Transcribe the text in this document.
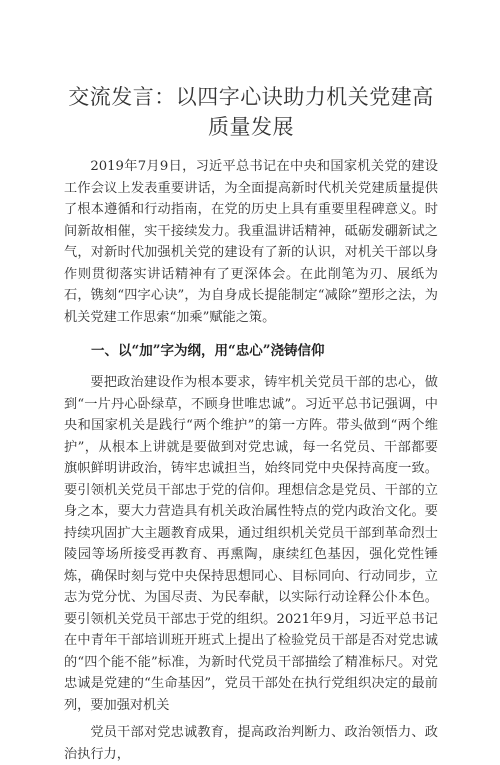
交流发言：以四字心诀助力机关党建高质量发展

2019年7月9日，习近平总书记在中央和国家机关党的建设工作会议上发表重要讲话，为全面提高新时代机关党建质量提供了根本遵循和行动指南，在党的历史上具有重要里程碑意义。时间新故相催，实干接续发力。我重温讲话精神，砥砺发硼新试之气，对新时代加强机关党的建设有了新的认识，对机关干部以身作则贯彻落实讲话精神有了更深体会。在此削笔为刃、展纸为石，镌刻“四字心诀”，为自身成长提能制定“减除”塑形之法，为机关党建工作思索“加乘”赋能之策。

一、以“加”字为纲，用“忠心”浇铸信仰

要把政治建设作为根本要求，铸牢机关党员干部的忠心，做到“一片丹心卧绿草，不顾身世唯忠诚”。习近平总书记强调，中央和国家机关是践行“两个维护”的第一方阵。带头做到“两个维护”，从根本上讲就是要做到对党忠诚，每一名党员、干部都要旗帜鲜明讲政治，铸牢忠诚担当，始终同党中央保持高度一致。要引领机关党员干部忠于党的信仰。理想信念是党员、干部的立身之本，要大力营造具有机关政治属性特点的党内政治文化。要持续巩固扩大主题教育成果，通过组织机关党员干部到革命烈士陵园等场所接受再教育、再熏陶，康续红色基因，强化党性锤炼，确保时刻与党中央保持思想同心、目标同向、行动同步，立志为党分忧、为国尽责、为民奉献，以实际行动诠释公仆本色。要引领机关党员干部忠于党的组织。2021年9月，习近平总书记在中青年干部培训班开班式上提出了检验党员干部是否对党忠诚的“四个能不能”标准，为新时代党员干部描绘了精准标尺。对党忠诚是党建的“生命基因”，党员干部处在执行党组织决定的最前列，要加强对机关

党员干部对党忠诚教育，提高政治判断力、政治领悟力、政治执行力，
